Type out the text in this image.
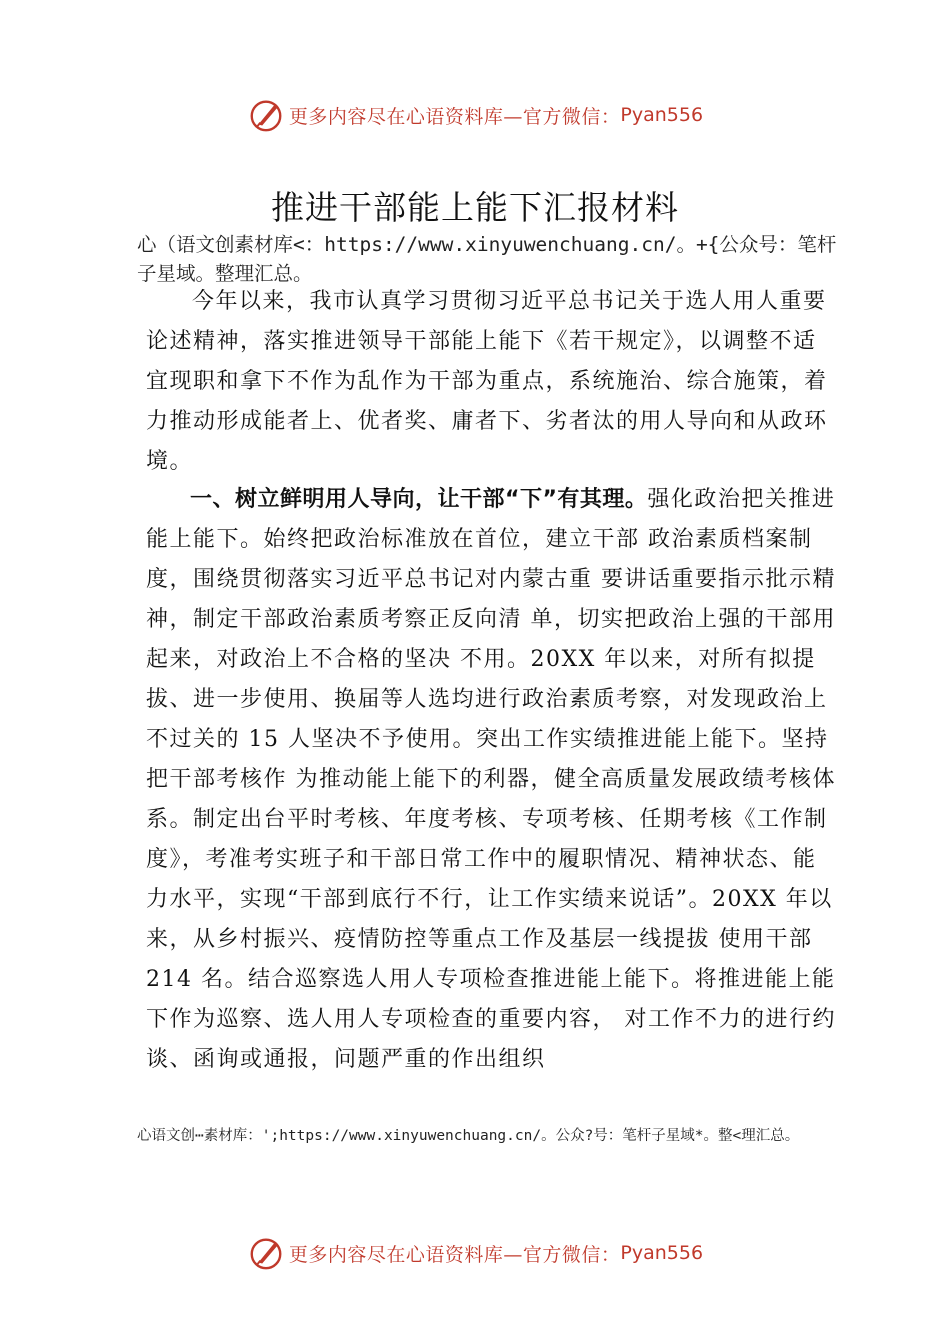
更多内容尽在心语资料库—官方微信： Pyan556
推进干部能上能下汇报材料

心（语文创素材库<：https://www.xinyuwenchuang.cn/。+{公众号：笔杆子星域。整理汇总。

今年以来，我市认真学习贯彻习近平总书记关于选人用人重要论述精神，落实推进领导干部能上能下《若干规定》，以调整不适宜现职和拿下不作为乱作为干部为重点，系统施治、综合施策，着力推动形成能者上、优者奖、庸者下、劣者汰的用人导向和从政环境。

一、树立鲜明用人导向，让干部“下”有其理。强化政治把关推进能上能下。始终把政治标准放在首位，建立干部 政治素质档案制度，围绕贯彻落实习近平总书记对内蒙古重 要讲话重要指示批示精神，制定干部政治素质考察正反向清 单，切实把政治上强的干部用起来，对政治上不合格的坚决 不用。20XX 年以来，对所有拟提拔、进一步使用、换届等人选均进行政治素质考察，对发现政治上不过关的 15 人坚决不予使用。突出工作实绩推进能上能下。坚持把干部考核作 为推动能上能下的利器，健全高质量发展政绩考核体系。制定出台平时考核、年度考核、专项考核、任期考核《工作制 度》，考准考实班子和干部日常工作中的履职情况、精神状态、能力水平，实现“干部到底行不行，让工作实绩来说话”。20XX 年以来，从乡村振兴、疫情防控等重点工作及基层一线提拔 使用干部 214 名。结合巡察选人用人专项检查推进能上能下。将推进能上能下作为巡察、选人用人专项检查的重要内容， 对工作不力的进行约谈、函询或通报，问题严重的作出组织

心语文创⋯素材库：';https://www.xinyuwenchuang.cn/。公众?号：笔杆子星域*。整<理汇总。

更多内容尽在心语资料库—官方微信： Pyan556
